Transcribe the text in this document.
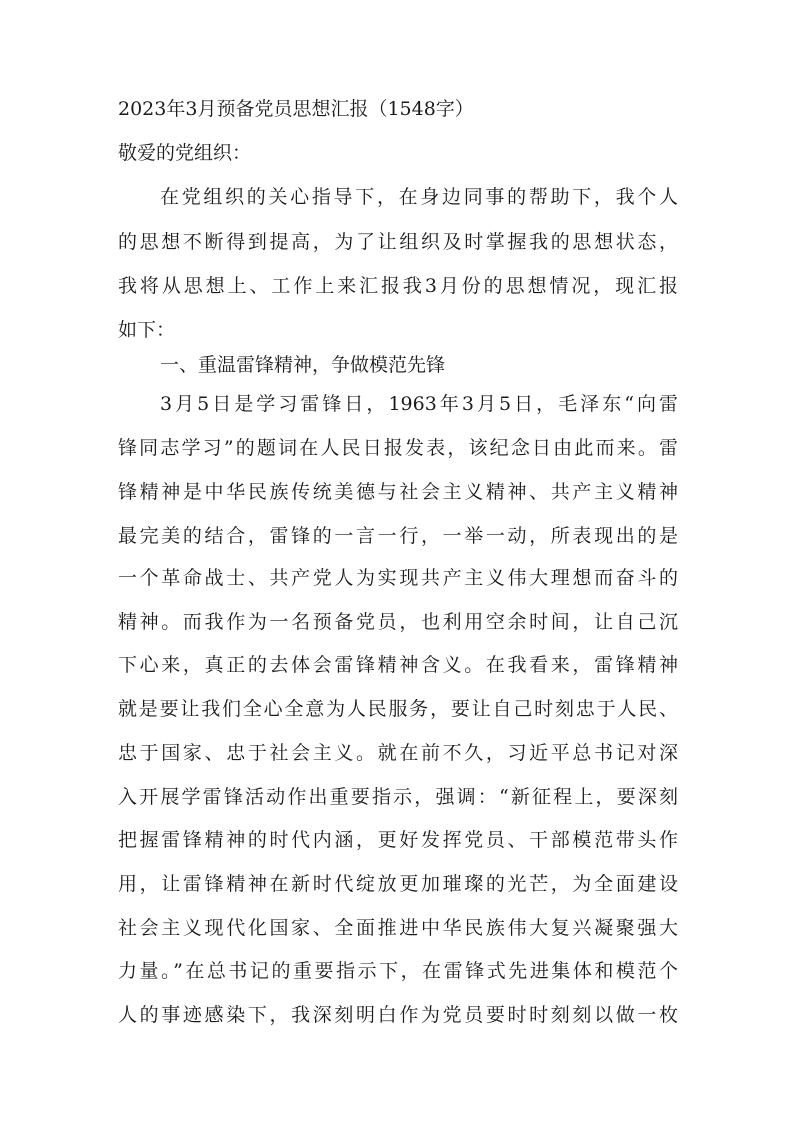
2023年3月预备党员思想汇报（1548字）
敬爱的党组织：
在党组织的关心指导下，在身边同事的帮助下，我个人
的思想不断得到提高，为了让组织及时掌握我的思想状态，
我将从思想上、工作上来汇报我3月份的思想情况，现汇报
如下：
一、重温雷锋精神，争做模范先锋
3月5日是学习雷锋日，1963年3月5日，毛泽东“向雷
锋同志学习”的题词在人民日报发表，该纪念日由此而来。雷
锋精神是中华民族传统美德与社会主义精神、共产主义精神
最完美的结合，雷锋的一言一行，一举一动，所表现出的是
一个革命战士、共产党人为实现共产主义伟大理想而奋斗的
精神。而我作为一名预备党员，也利用空余时间，让自己沉
下心来，真正的去体会雷锋精神含义。在我看来，雷锋精神
就是要让我们全心全意为人民服务，要让自己时刻忠于人民、
忠于国家、忠于社会主义。就在前不久，习近平总书记对深
入开展学雷锋活动作出重要指示，强调：“新征程上，要深刻
把握雷锋精神的时代内涵，更好发挥党员、干部模范带头作
用，让雷锋精神在新时代绽放更加璀璨的光芒，为全面建设
社会主义现代化国家、全面推进中华民族伟大复兴凝聚强大
力量。”在总书记的重要指示下，在雷锋式先进集体和模范个
人的事迹感染下，我深刻明白作为党员要时时刻刻以做一枚
